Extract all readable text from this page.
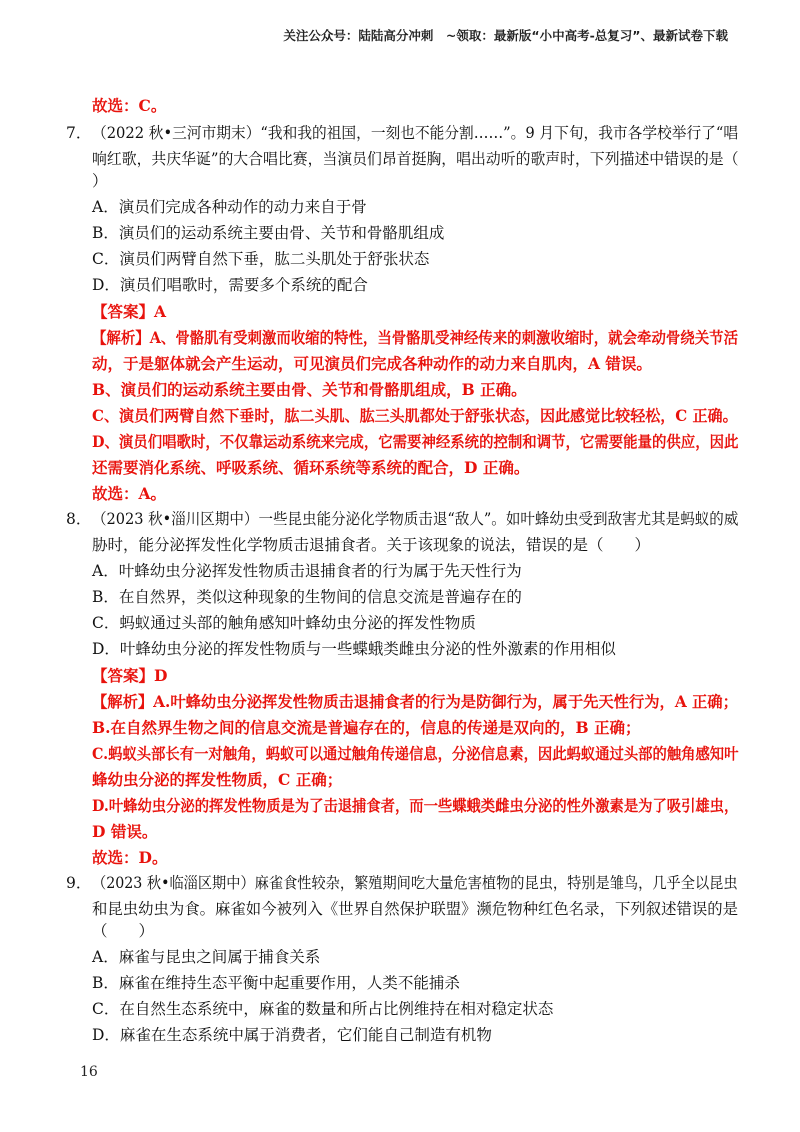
关注公众号：陆陆高分冲刺　~领取：最新版“小中高考-总复习”、最新试卷下载
故选：C。
7． （2022 秋•三河市期末）“我和我的祖国，一刻也不能分割……”。9 月下旬，我市各学校举行了“唱
响红歌，共庆华诞”的大合唱比赛，当演员们昂首挺胸，唱出动听的歌声时，下列描述中错误的是（
）
A．演员们完成各种动作的动力来自于骨
B．演员们的运动系统主要由骨、关节和骨骼肌组成
C．演员们两臂自然下垂，肱二头肌处于舒张状态
D．演员们唱歌时，需要多个系统的配合
【答案】A
【解析】A、骨骼肌有受刺激而收缩的特性，当骨骼肌受神经传来的刺激收缩时，就会牵动骨绕关节活
动，于是躯体就会产生运动，可见演员们完成各种动作的动力来自肌肉，A 错误。
B、演员们的运动系统主要由骨、关节和骨骼肌组成，B 正确。
C、演员们两臂自然下垂时，肱二头肌、肱三头肌都处于舒张状态，因此感觉比较轻松，C 正确。
D、演员们唱歌时，不仅靠运动系统来完成，它需要神经系统的控制和调节，它需要能量的供应，因此
还需要消化系统、呼吸系统、循环系统等系统的配合，D 正确。
故选：A。
8． （2023 秋•淄川区期中）一些昆虫能分泌化学物质击退“敌人”。如叶蜂幼虫受到敌害尤其是蚂蚁的威
胁时，能分泌挥发性化学物质击退捕食者。关于该现象的说法，错误的是（　　）
A．叶蜂幼虫分泌挥发性物质击退捕食者的行为属于先天性行为
B．在自然界，类似这种现象的生物间的信息交流是普遍存在的
C．蚂蚁通过头部的触角感知叶蜂幼虫分泌的挥发性物质
D．叶蜂幼虫分泌的挥发性物质与一些蝶蛾类雌虫分泌的性外激素的作用相似
【答案】D
【解析】A.叶蜂幼虫分泌挥发性物质击退捕食者的行为是防御行为，属于先天性行为，A 正确；
B.在自然界生物之间的信息交流是普遍存在的，信息的传递是双向的，B 正确；
C.蚂蚁头部长有一对触角，蚂蚁可以通过触角传递信息，分泌信息素，因此蚂蚁通过头部的触角感知叶
蜂幼虫分泌的挥发性物质，C 正确；
D.叶蜂幼虫分泌的挥发性物质是为了击退捕食者，而一些蝶蛾类雌虫分泌的性外激素是为了吸引雄虫，
D 错误。
故选：D。
9． （2023 秋•临淄区期中）麻雀食性较杂，繁殖期间吃大量危害植物的昆虫，特别是雏鸟，几乎全以昆虫
和昆虫幼虫为食。麻雀如今被列入《世界自然保护联盟》濒危物种红色名录，下列叙述错误的是
（　　）
A．麻雀与昆虫之间属于捕食关系
B．麻雀在维持生态平衡中起重要作用，人类不能捕杀
C．在自然生态系统中，麻雀的数量和所占比例维持在相对稳定状态
D．麻雀在生态系统中属于消费者，它们能自己制造有机物
16
